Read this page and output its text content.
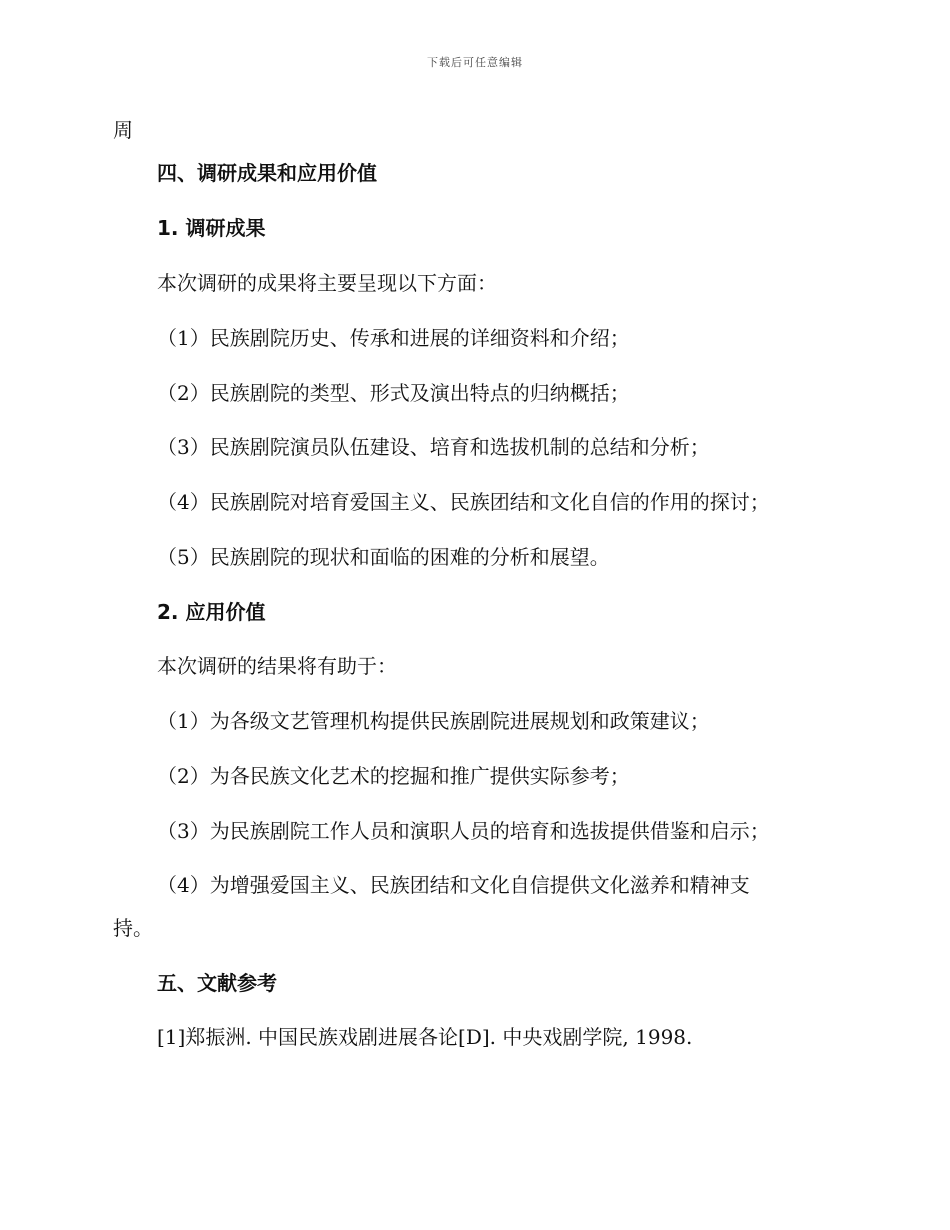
下载后可任意编辑
周
四、调研成果和应用价值
1. 调研成果
本次调研的成果将主要呈现以下方面：
（1）民族剧院历史、传承和进展的详细资料和介绍；
（2）民族剧院的类型、形式及演出特点的归纳概括；
（3）民族剧院演员队伍建设、培育和选拔机制的总结和分析；
（4）民族剧院对培育爱国主义、民族团结和文化自信的作用的探讨；
（5）民族剧院的现状和面临的困难的分析和展望。
2. 应用价值
本次调研的结果将有助于：
（1）为各级文艺管理机构提供民族剧院进展规划和政策建议；
（2）为各民族文化艺术的挖掘和推广提供实际参考；
（3）为民族剧院工作人员和演职人员的培育和选拔提供借鉴和启示；
（4）为增强爱国主义、民族团结和文化自信提供文化滋养和精神支
持。
五、文献参考
[1]郑振洲. 中国民族戏剧进展各论[D]. 中央戏剧学院, 1998.
